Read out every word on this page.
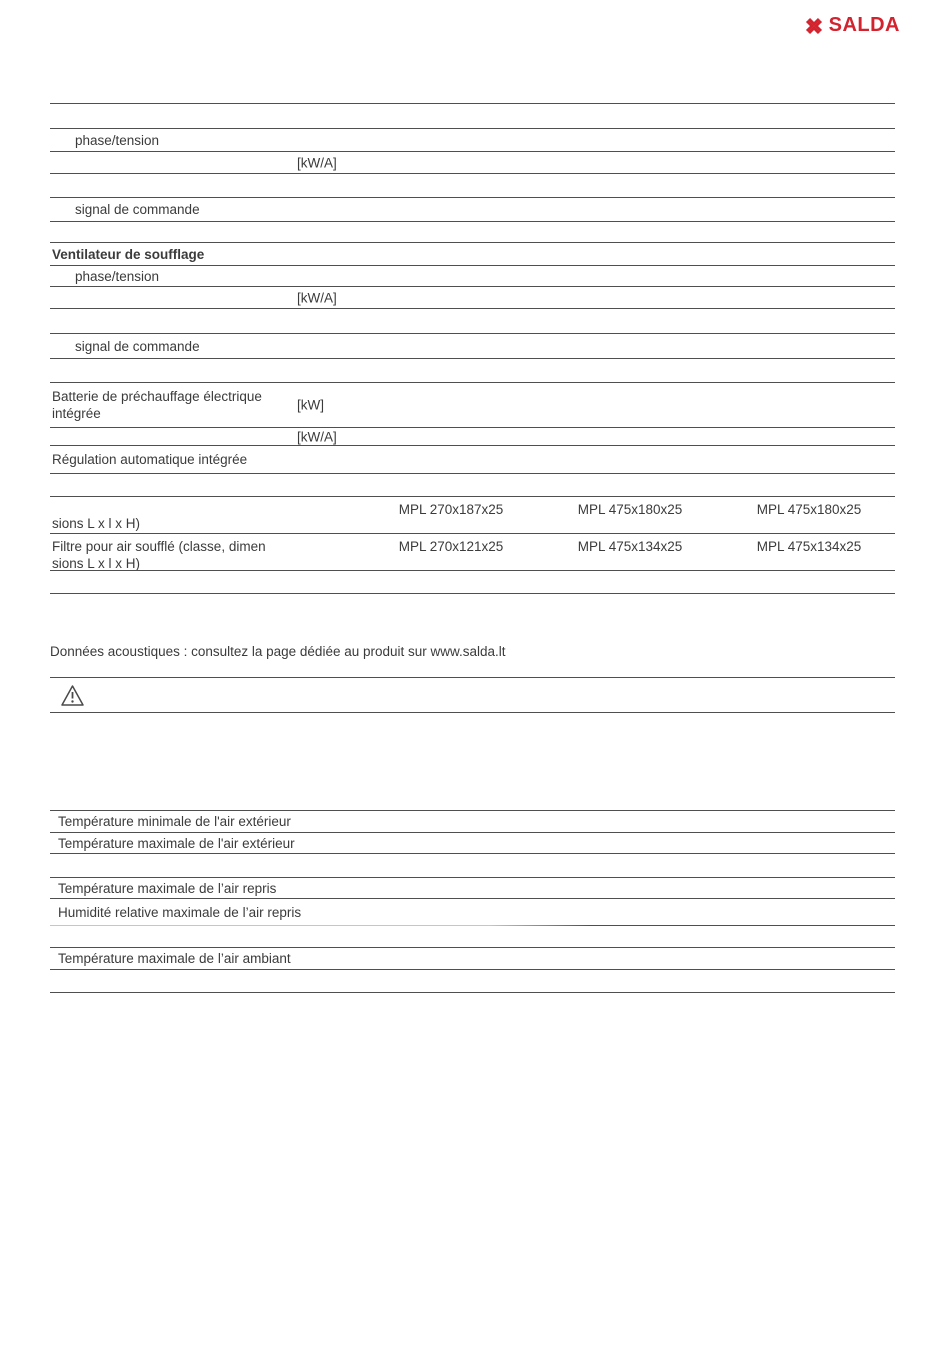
SALDA
phase/tension
[kW/A]
signal de commande
Ventilateur de soufflage
phase/tension
[kW/A]
signal de commande
Batterie de préchauffage électrique intégrée
[kW]
[kW/A]
Régulation automatique intégrée
sions L x l x H)
MPL 270x187x25	MPL 475x180x25	MPL 475x180x25
Filtre pour air soufflé (classe, dimen
sions L x l x H)
MPL 270x121x25	MPL 475x134x25	MPL 475x134x25
Données acoustiques : consultez la page dédiée au produit sur www.salda.lt
Température minimale de l'air extérieur
Température maximale de l'air extérieur
Température maximale de l’air repris
Humidité relative maximale de l’air repris
Température maximale de l’air ambiant
